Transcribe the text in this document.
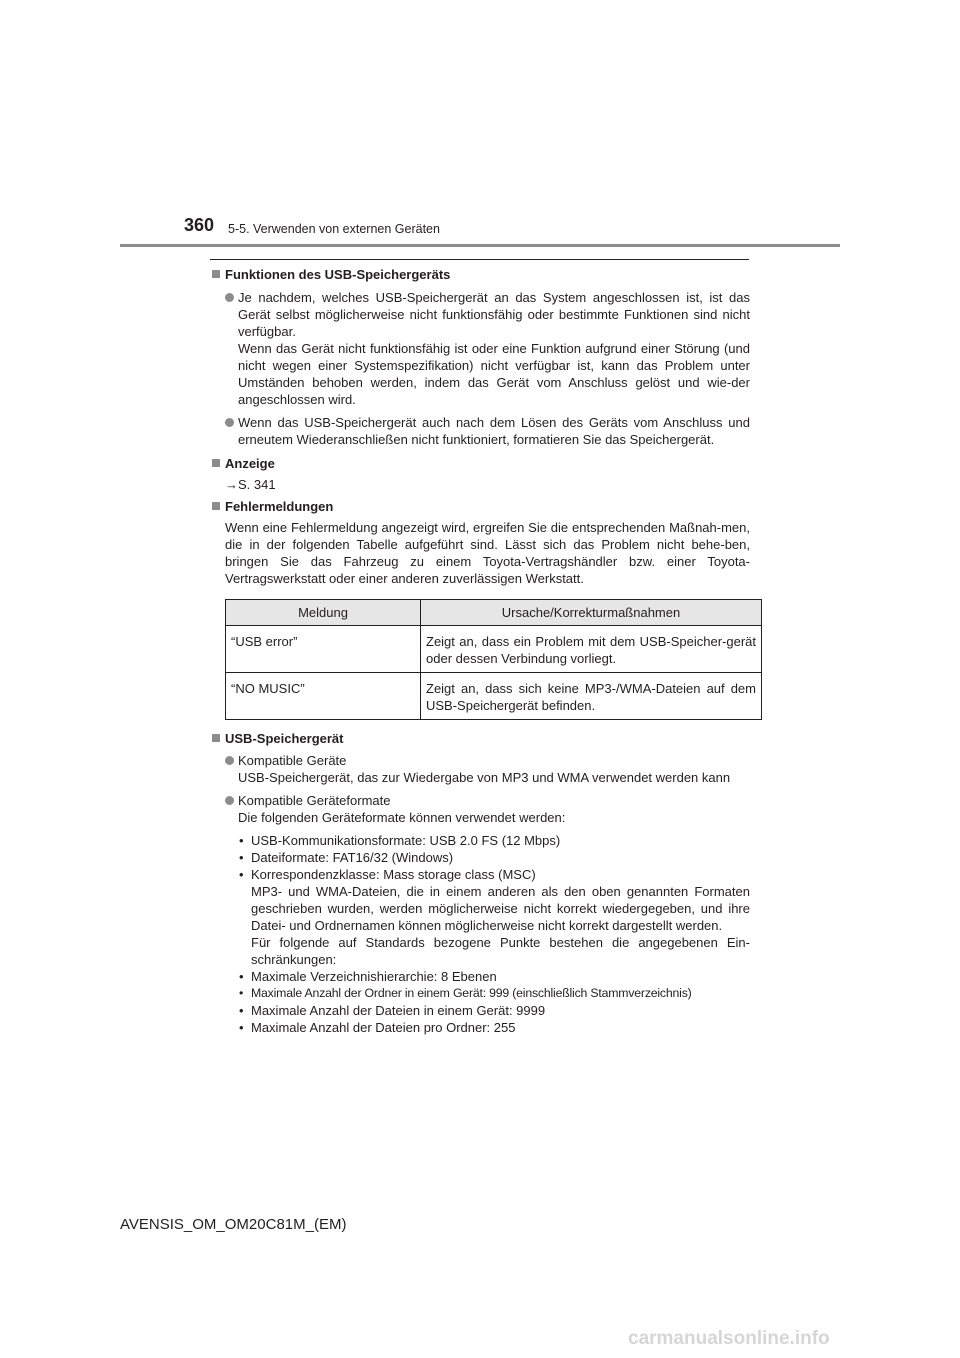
360 5-5. Verwenden von externen Geräten

Funktionen des USB-Speichergeräts

Je nachdem, welches USB-Speichergerät an das System angeschlossen ist, ist das Gerät selbst möglicherweise nicht funktionsfähig oder bestimmte Funktionen sind nicht verfügbar.

Wenn das Gerät nicht funktionsfähig ist oder eine Funktion aufgrund einer Störung (und nicht wegen einer Systemspezifikation) nicht verfügbar ist, kann das Problem unter Umständen behoben werden, indem das Gerät vom Anschluss gelöst und wie-der angeschlossen wird.

Wenn das USB-Speichergerät auch nach dem Lösen des Geräts vom Anschluss und erneutem Wiederanschließen nicht funktioniert, formatieren Sie das Speichergerät.

Anzeige

→S. 341

Fehlermeldungen

Wenn eine Fehlermeldung angezeigt wird, ergreifen Sie die entsprechenden Maßnah-men, die in der folgenden Tabelle aufgeführt sind. Lässt sich das Problem nicht behe-ben, bringen Sie das Fahrzeug zu einem Toyota-Vertragshändler bzw. einer Toyota-Vertragswerkstatt oder einer anderen zuverlässigen Werkstatt.

Meldung	Ursache/Korrekturmaßnahmen
“USB error”	Zeigt an, dass ein Problem mit dem USB-Speicher-gerät oder dessen Verbindung vorliegt.
“NO MUSIC”	Zeigt an, dass sich keine MP3-/WMA-Dateien auf dem USB-Speichergerät befinden.

USB-Speichergerät

Kompatible Geräte

USB-Speichergerät, das zur Wiedergabe von MP3 und WMA verwendet werden kann

Kompatible Geräteformate

Die folgenden Geräteformate können verwendet werden:

• USB-Kommunikationsformate: USB 2.0 FS (12 Mbps)
• Dateiformate: FAT16/32 (Windows)
• Korrespondenzklasse: Mass storage class (MSC)
MP3- und WMA-Dateien, die in einem anderen als den oben genannten Formaten geschrieben wurden, werden möglicherweise nicht korrekt wiedergegeben, und ihre Datei- und Ordnernamen können möglicherweise nicht korrekt dargestellt werden.
Für folgende auf Standards bezogene Punkte bestehen die angegebenen Ein-schränkungen:
• Maximale Verzeichnishierarchie: 8 Ebenen
• Maximale Anzahl der Ordner in einem Gerät: 999 (einschließlich Stammverzeichnis)
• Maximale Anzahl der Dateien in einem Gerät: 9999
• Maximale Anzahl der Dateien pro Ordner: 255
AVENSIS_OM_OM20C81M_(EM)
carmanualsonline.info
